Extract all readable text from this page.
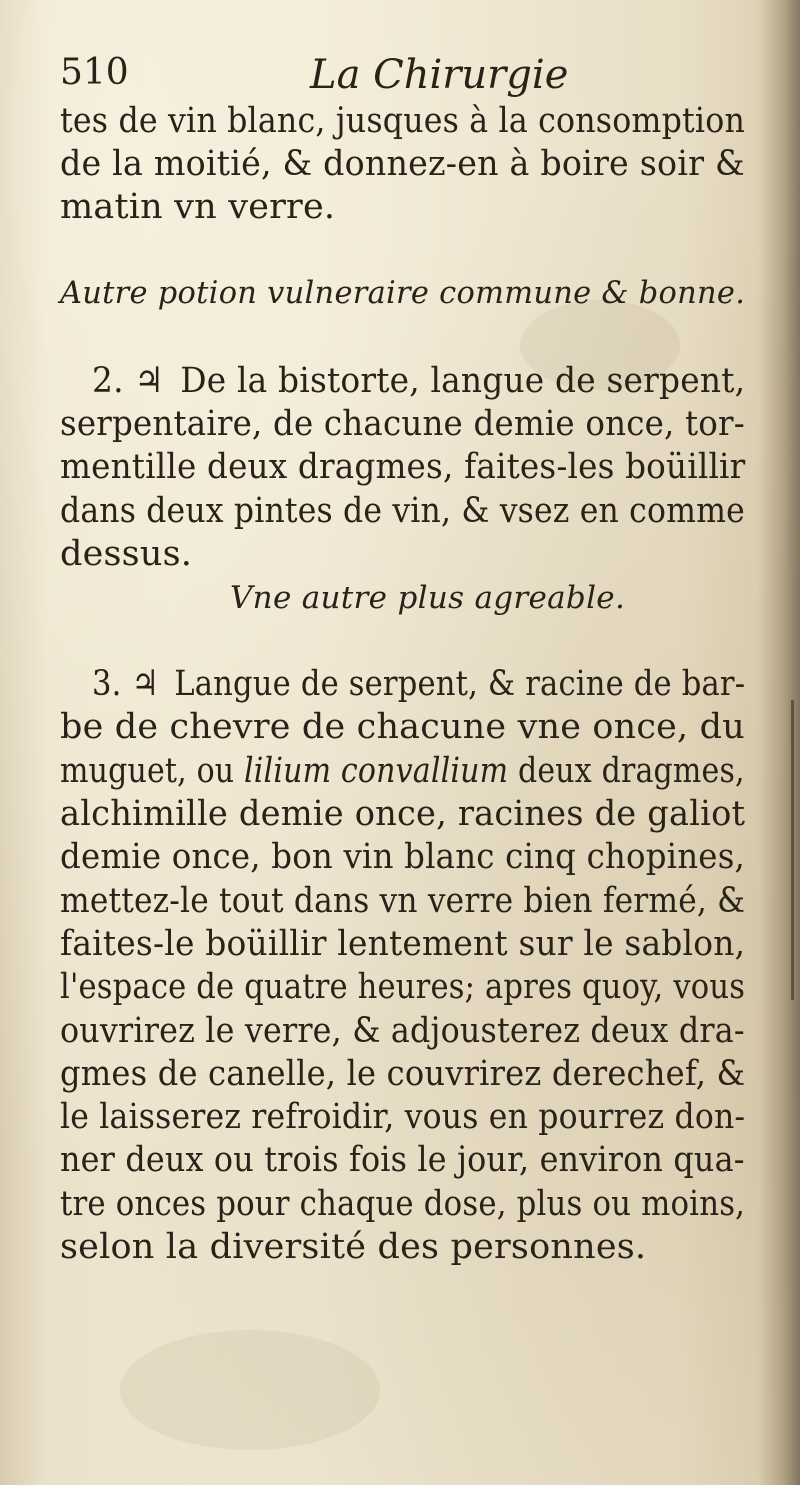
510	La Chirurgie
tes de vin blanc, jusques à la consomption
de la moitié, & donnez-en à boire soir &
matin vn verre.
Autre potion vulneraire commune & bonne.
2. ♃ De la bistorte, langue de serpent,
serpentaire, de chacune demie once, tor-
mentille deux dragmes, faites-les boüillir
dans deux pintes de vin, & vsez en comme
dessus.
Vne autre plus agreable.
3. ♃ Langue de serpent, & racine de bar-
be de chevre de chacune vne once, du
muguet, ou lilium convallium deux dragmes,
alchimille demie once, racines de galiot
demie once, bon vin blanc cinq chopines,
mettez-le tout dans vn verre bien fermé, &
faites-le boüillir lentement sur le sablon,
l'espace de quatre heures; apres quoy, vous
ouvrirez le verre, & adjousterez deux dra-
gmes de canelle, le couvrirez derechef, &
le laisserez refroidir, vous en pourrez don-
ner deux ou trois fois le jour, environ qua-
tre onces pour chaque dose, plus ou moins,
selon la diversité des personnes.
